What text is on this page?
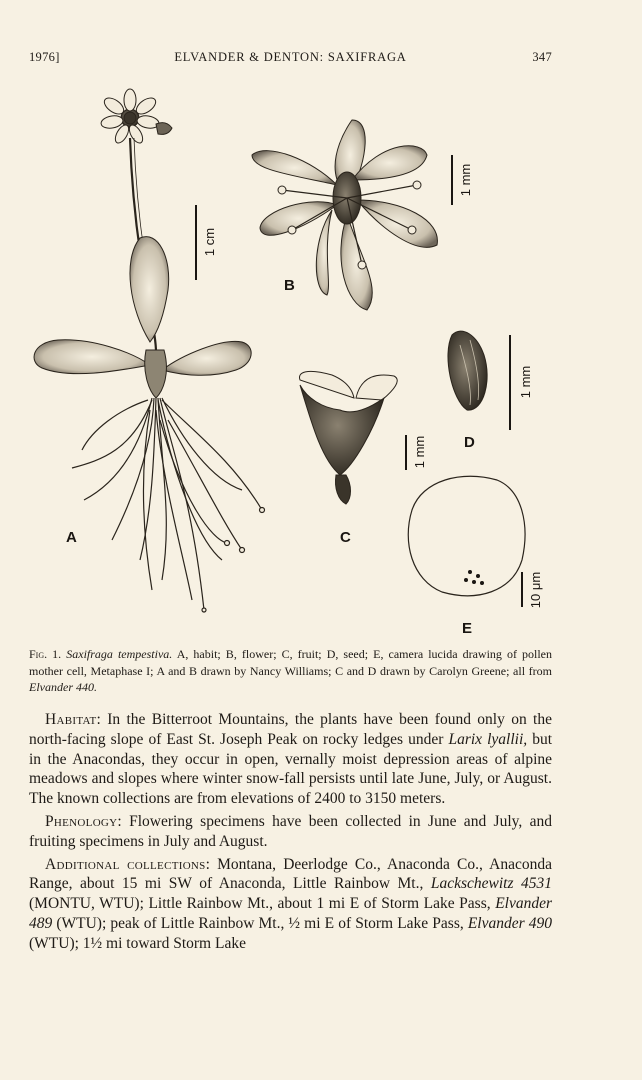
1976]	ELVANDER & DENTON: SAXIFRAGA	347
1 cm
A
1 mm
B
1 mm
C
1 mm
D
10 μm
E
Fig. 1. Saxifraga tempestiva. A, habit; B, flower; C, fruit; D, seed; E, camera lucida drawing of pollen mother cell, Metaphase I; A and B drawn by Nancy Williams; C and D drawn by Carolyn Greene; all from Elvander 440.

Habitat: In the Bitterroot Mountains, the plants have been found only on the north-facing slope of East St. Joseph Peak on rocky ledges under Larix lyallii, but in the Anacondas, they occur in open, vernally moist depression areas of alpine meadows and slopes where winter snow-fall persists until late June, July, or August. The known collections are from elevations of 2400 to 3150 meters.

Phenology: Flowering specimens have been collected in June and July, and fruiting specimens in July and August.

Additional collections: Montana, Deerlodge Co., Anaconda Co., Anaconda Range, about 15 mi SW of Anaconda, Little Rainbow Mt., Lackschewitz 4531 (MONTU, WTU); Little Rainbow Mt., about 1 mi E of Storm Lake Pass, Elvander 489 (WTU); peak of Little Rainbow Mt., ½ mi E of Storm Lake Pass, Elvander 490 (WTU); 1½ mi toward Storm Lake
